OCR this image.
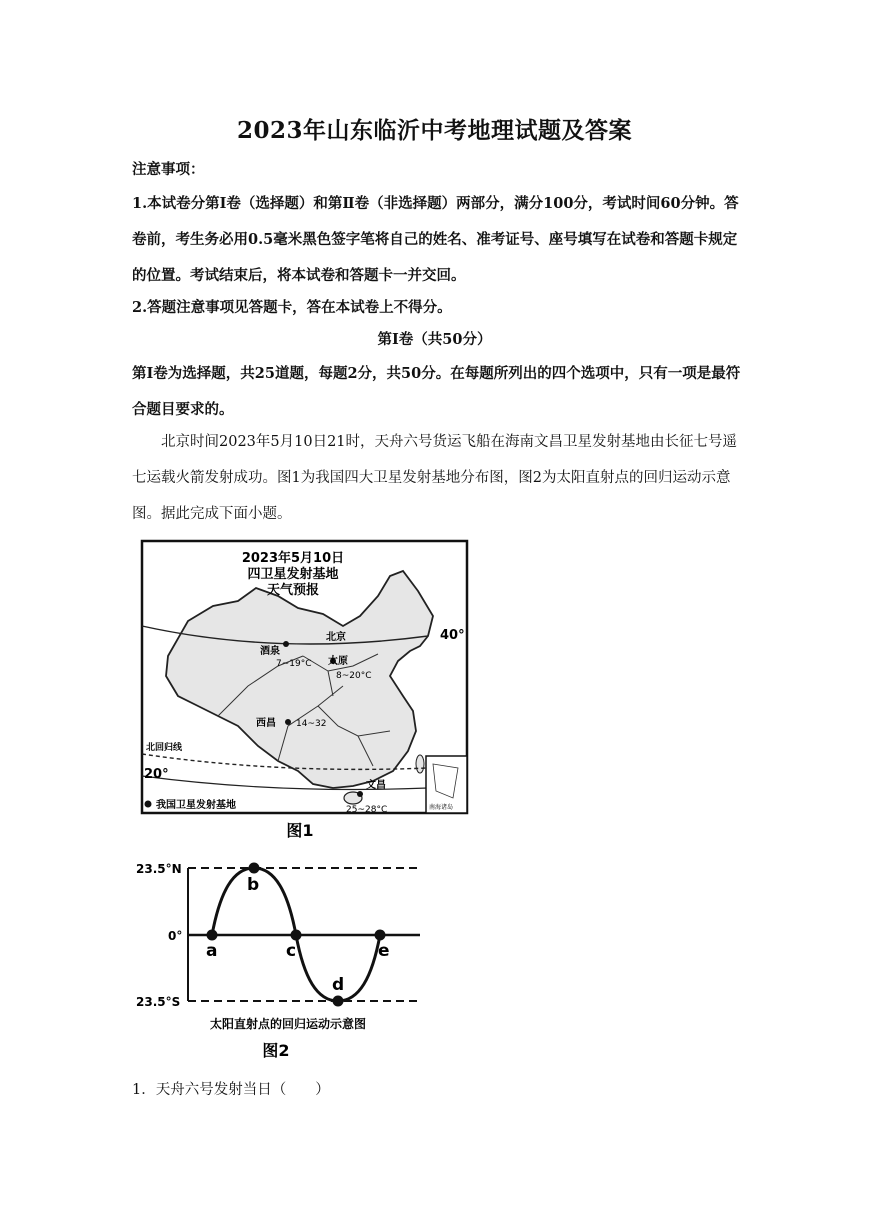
2023年山东临沂中考地理试题及答案
注意事项：
1.本试卷分第Ⅰ卷（选择题）和第Ⅱ卷（非选择题）两部分，满分100分，考试时间60分钟。答卷前，考生务必用0.5毫米黑色签字笔将自己的姓名、准考证号、座号填写在试卷和答题卡规定的位置。考试结束后，将本试卷和答题卡一并交回。
2.答题注意事项见答题卡，答在本试卷上不得分。
第Ⅰ卷（共50分）
第Ⅰ卷为选择题，共25道题，每题2分，共50分。在每题所列出的四个选项中，只有一项是最符合题目要求的。
北京时间2023年5月10日21时，天舟六号货运飞船在海南文昌卫星发射基地由长征七号遥七运载火箭发射成功。图1为我国四大卫星发射基地分布图，图2为太阳直射点的回归运动示意图。据此完成下面小题。
2023年5月10日
四卫星发射基地
天气预报
40°
20°
北回归线
北京
酒泉
7~19°C 太原
8~20°C
西昌 14~32
文昌
25~28°C
我国卫星发射基地	南海诸岛
图1
23.5°N
0°
23.5°S
a
b
c
d
e
太阳直射点的回归运动示意图
图2
1．天舟六号发射当日（　　）
